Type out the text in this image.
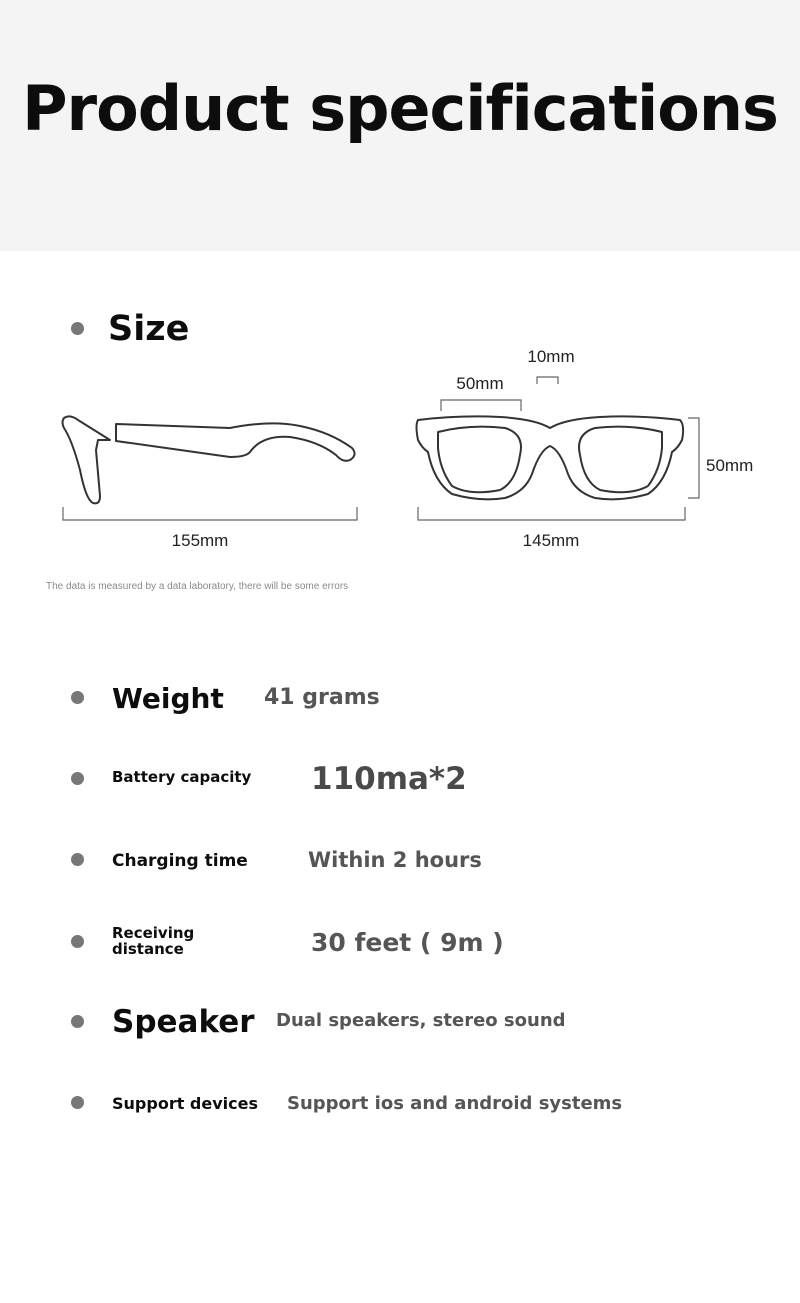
Product specifications
Size
155mm	145mm
50mm
10mm
50mm
The data is measured by a data laboratory, there will be some errors
Weight 41 grams
Battery capacity 110ma*2
Charging time	Within 2 hours
Receiving distance	30 feet ( 9m )
Speaker Dual speakers, stereo sound
Support devices Support ios and android systems
